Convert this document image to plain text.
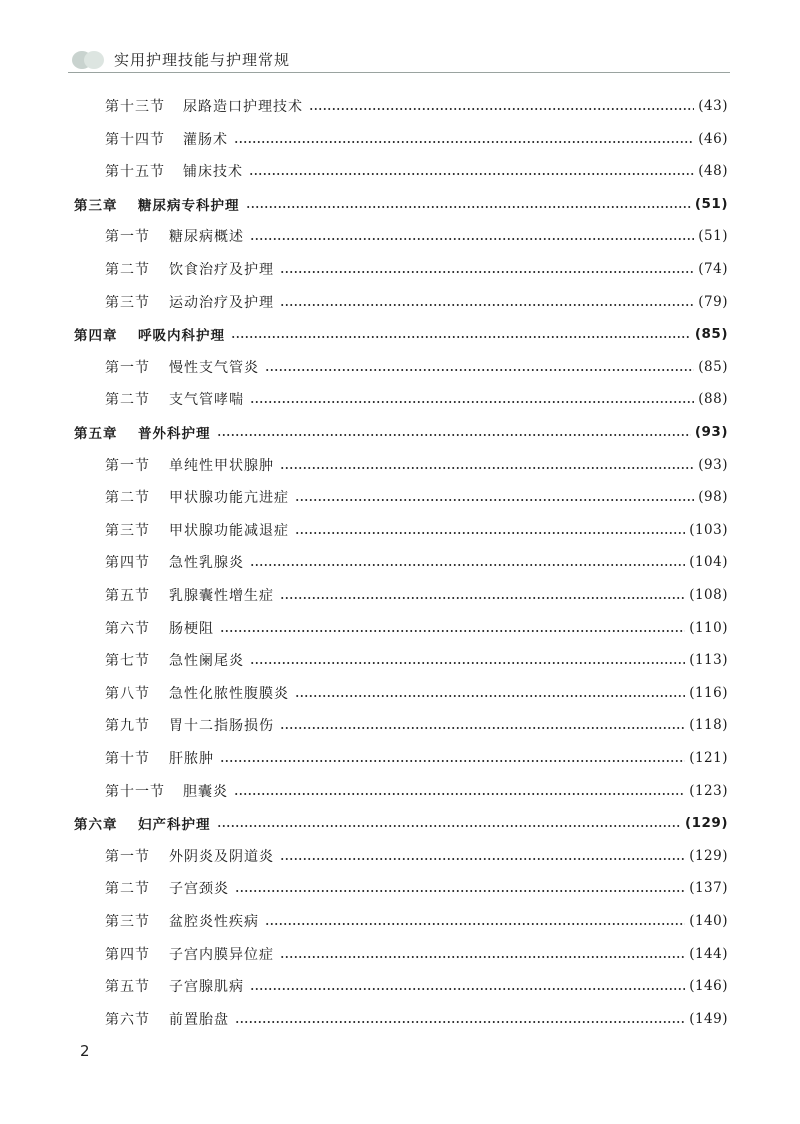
实用护理技能与护理常规
第十三节	尿路造口护理技术	(43)
第十四节	灌肠术	(46)
第十五节	铺床技术	(48)
第三章	糖尿病专科护理	(51)
第一节	糖尿病概述	(51)
第二节	饮食治疗及护理	(74)
第三节	运动治疗及护理	(79)
第四章	呼吸内科护理	(85)
第一节	慢性支气管炎	(85)
第二节	支气管哮喘	(88)
第五章	普外科护理	(93)
第一节	单纯性甲状腺肿	(93)
第二节	甲状腺功能亢进症	(98)
第三节	甲状腺功能减退症	(103)
第四节	急性乳腺炎	(104)
第五节	乳腺囊性增生症	(108)
第六节	肠梗阻	(110)
第七节	急性阑尾炎	(113)
第八节	急性化脓性腹膜炎	(116)
第九节	胃十二指肠损伤	(118)
第十节	肝脓肿	(121)
第十一节	胆囊炎	(123)
第六章	妇产科护理	(129)
第一节	外阴炎及阴道炎	(129)
第二节	子宫颈炎	(137)
第三节	盆腔炎性疾病	(140)
第四节	子宫内膜异位症	(144)
第五节	子宫腺肌病	(146)
第六节	前置胎盘	(149)
2
